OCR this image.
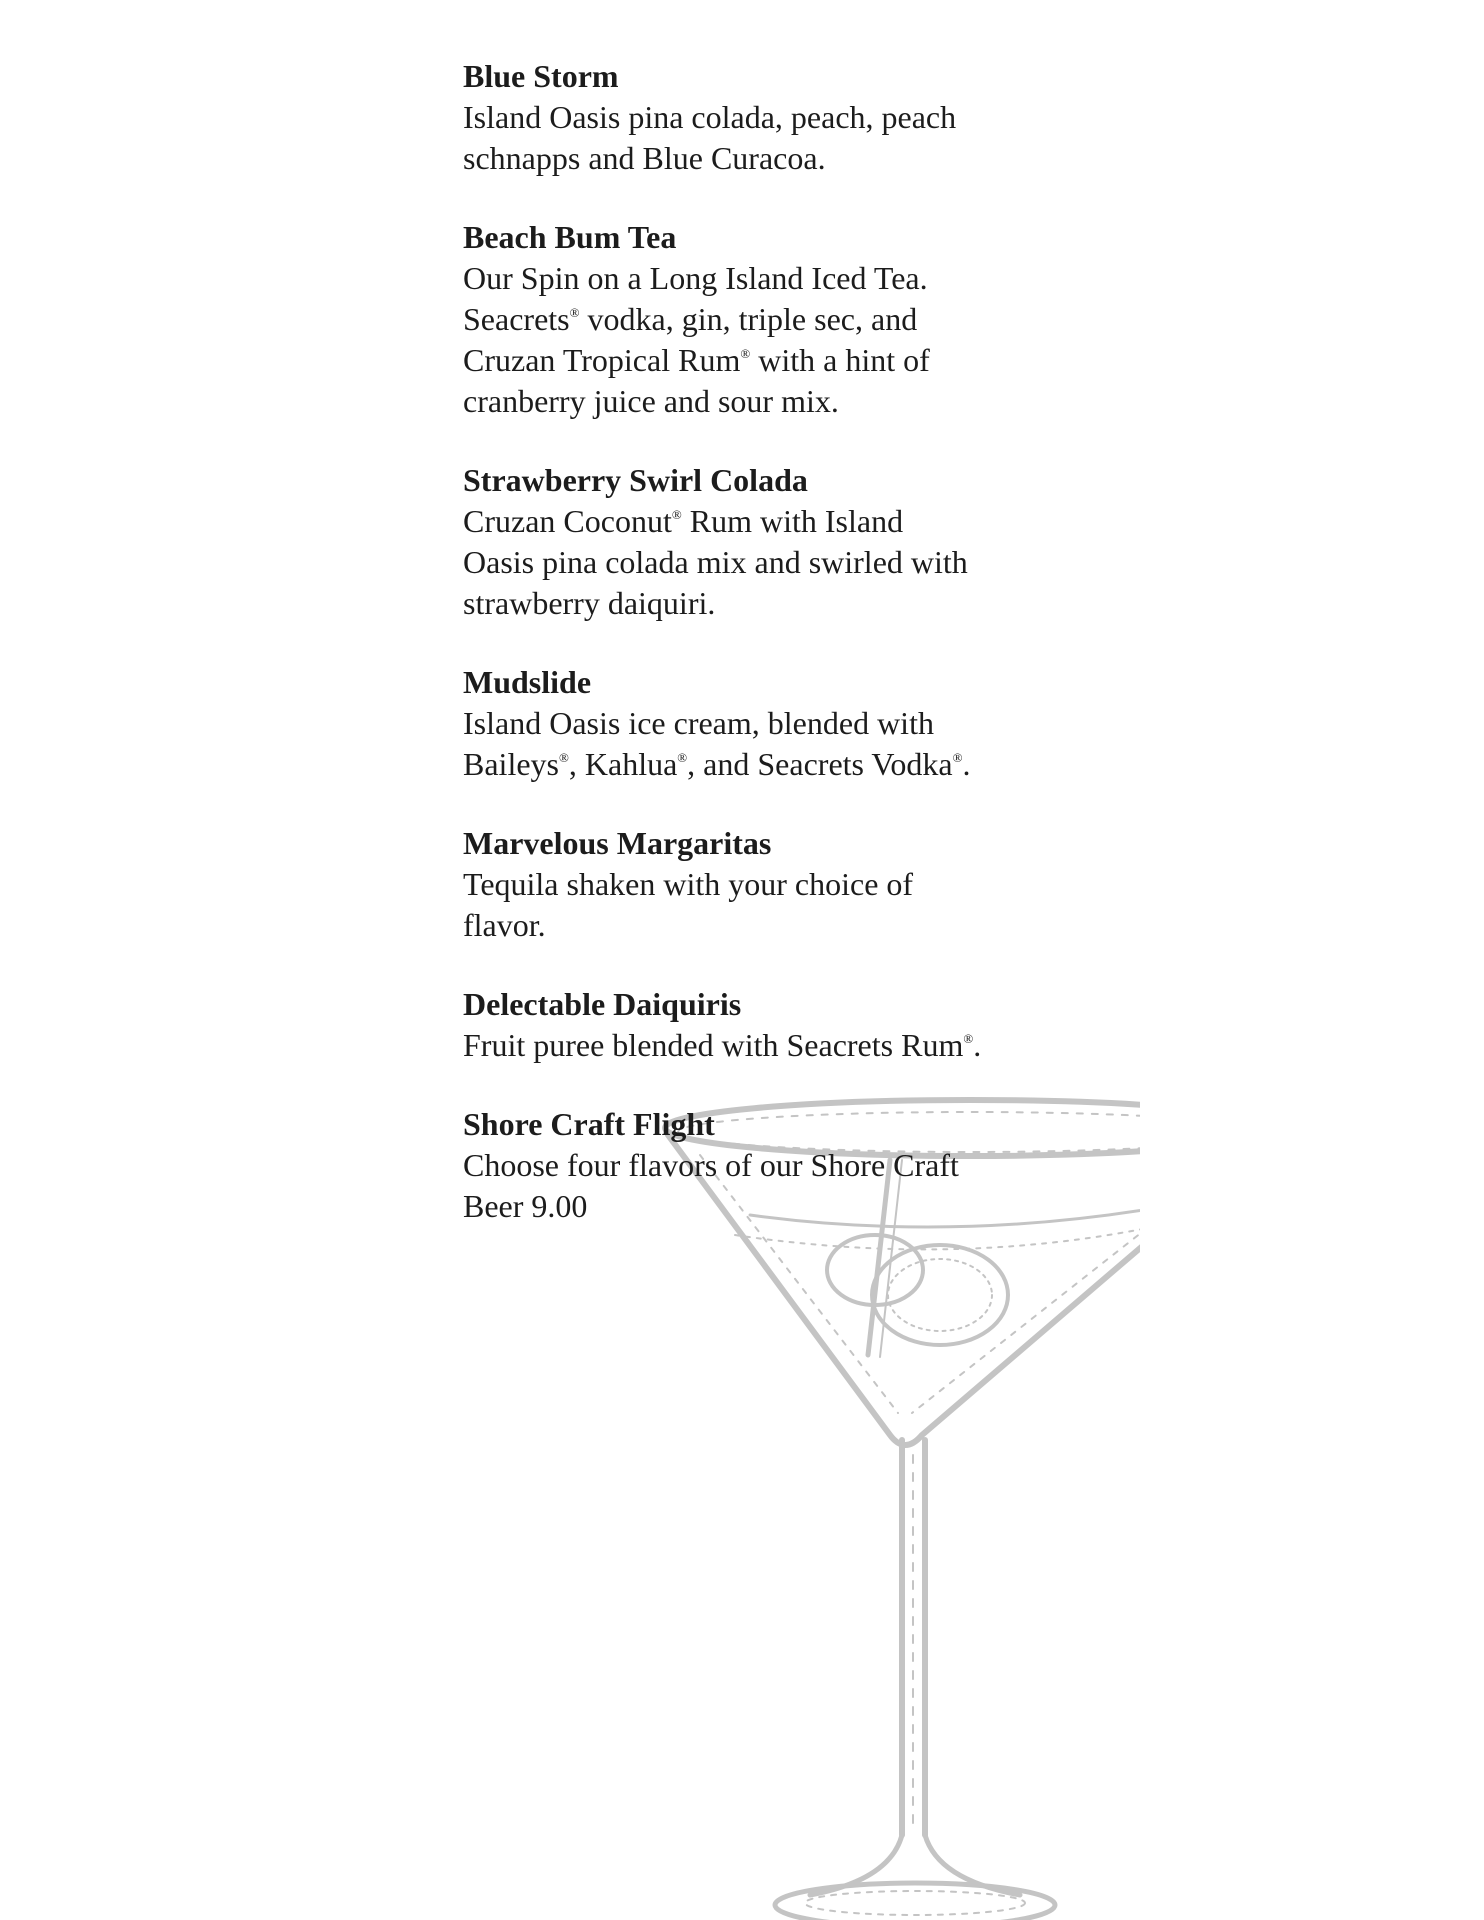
Blue Storm

Island Oasis pina colada, peach, peach

schnapps and Blue Curacoa.

Beach Bum Tea

Our Spin on a Long Island Iced Tea.

Seacrets® vodka, gin, triple sec, and

Cruzan Tropical Rum® with a hint of

cranberry juice and sour mix.

Strawberry Swirl Colada

Cruzan Coconut® Rum with Island

Oasis pina colada mix and swirled with

strawberry daiquiri.

Mudslide

Island Oasis ice cream, blended with

Baileys®, Kahlua®, and Seacrets Vodka®.

Marvelous Margaritas

Tequila shaken with your choice of

flavor.

Delectable Daiquiris

Fruit puree blended with Seacrets Rum®.

Shore Craft Flight

Choose four flavors of our Shore Craft

Beer 9.00
